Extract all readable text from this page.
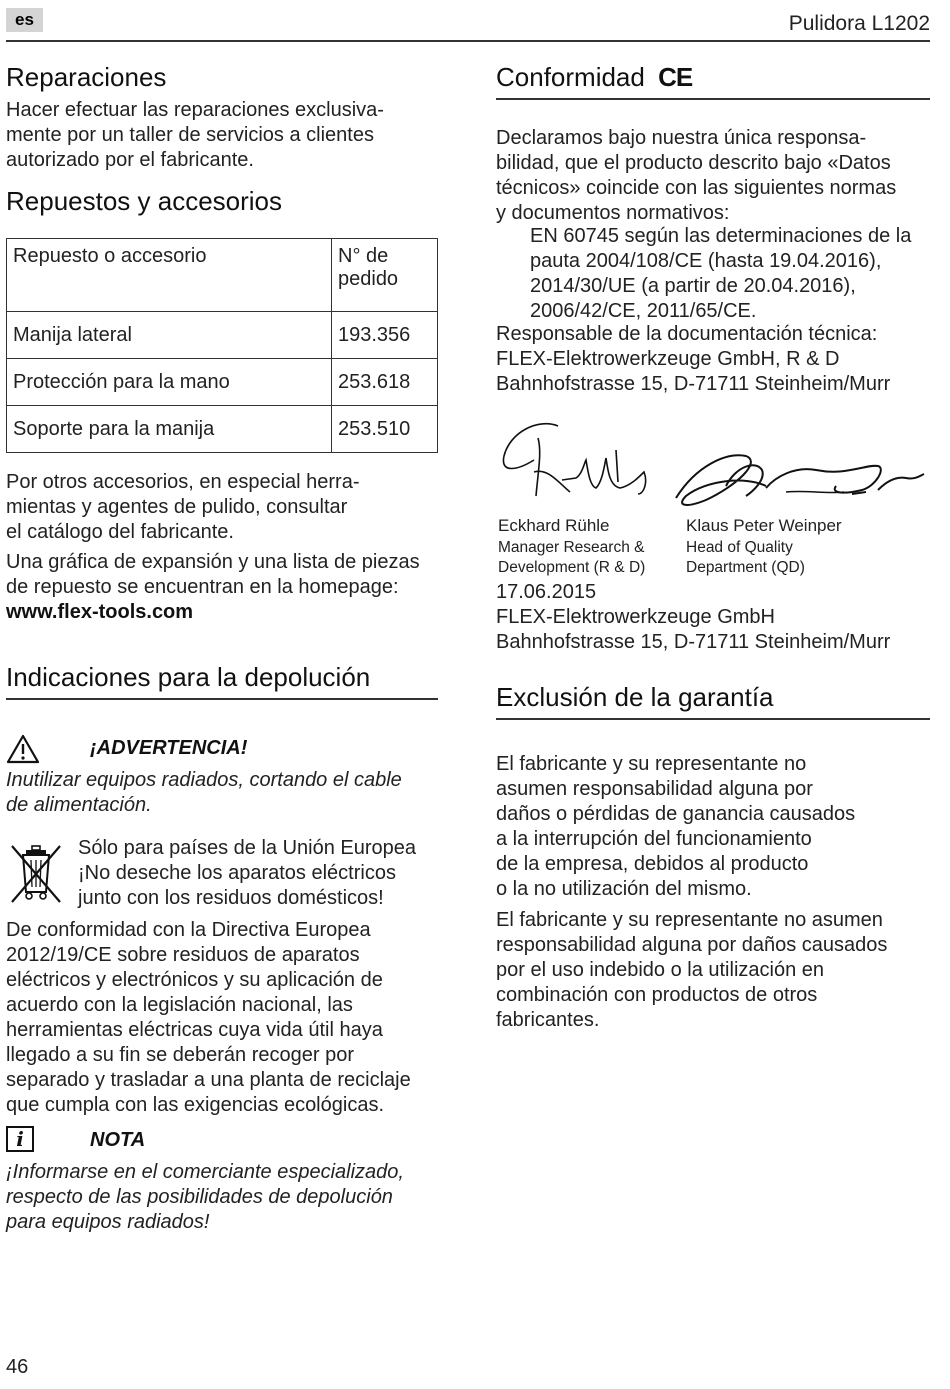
es	Pulidora L1202
Reparaciones
Hacer efectuar las reparaciones exclusiva-
mente por un taller de servicios a clientes
autorizado por el fabricante.
Repuestos y accesorios
Repuesto o accesorio	N° de
pedido

Manija lateral	193.356
Protección para la mano	253.618
Soporte para la manija	253.510
Por otros accesorios, en especial herra-
mientas y agentes de pulido, consultar
el catálogo del fabricante.
Una gráfica de expansión y una lista de piezas
de repuesto se encuentran en la homepage:
www.flex-tools.com
Indicaciones para la depolución
¡ADVERTENCIA!
Inutilizar equipos radiados, cortando el cable
de alimentación.
Sólo para países de la Unión Europea
¡No deseche los aparatos eléctricos
junto con los residuos domésticos!
De conformidad con la Directiva Europea
2012/19/CE sobre residuos de aparatos
eléctricos y electrónicos y su aplicación de
acuerdo con la legislación nacional, las
herramientas eléctricas cuya vida útil haya
llegado a su fin se deberán recoger por
separado y trasladar a una planta de reciclaje
que cumpla con las exigencias ecológicas.
i	NOTA
¡Informarse en el comerciante especializado,
respecto de las posibilidades de depolución
para equipos radiados!
Conformidad CE
Declaramos bajo nuestra única responsa-
bilidad, que el producto descrito bajo «Datos
técnicos» coincide con las siguientes normas
y documentos normativos:
EN 60745 según las determinaciones de la
pauta 2004/108/CE (hasta 19.04.2016),
2014/30/UE (a partir de 20.04.2016),
2006/42/CE, 2011/65/CE.
Responsable de la documentación técnica:
FLEX-Elektrowerkzeuge GmbH, R & D
Bahnhofstrasse 15, D-71711 Steinheim/Murr
Eckhard Rühle
Manager Research &
Development (R & D)
Klaus Peter Weinper
Head of Quality
Department (QD)
17.06.2015
FLEX-Elektrowerkzeuge GmbH
Bahnhofstrasse 15, D-71711 Steinheim/Murr
Exclusión de la garantía
El fabricante y su representante no
asumen responsabilidad alguna por
daños o pérdidas de ganancia causados
a la interrupción del funcionamiento
de la empresa, debidos al producto
o la no utilización del mismo.
El fabricante y su representante no asumen
responsabilidad alguna por daños causados
por el uso indebido o la utilización en
combinación con productos de otros
fabricantes.
46
